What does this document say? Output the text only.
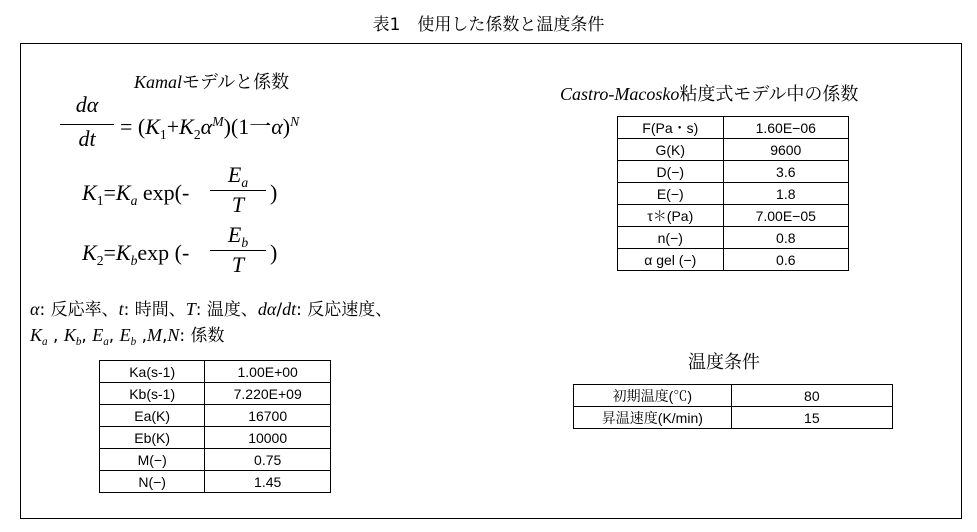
表1　使用した係数と温度条件
Kamalモデルと係数
dα
dt	= $(K_1+K_2\alpha^M)(1$一α)$^N$
$K_1=K_a$ exp(-
$E_a$
T	)
$K_2=K_b\exp$ (-
$E_b$
T	)
α: 反応率、t: 時間、T: 温度、dα/dt: 反応速度、
$K_a$ , $K_b$, $E_a$, $E_b$ ,M,N: 係数
Ka(s-1)	1.00E+00
Kb(s-1)	7.220E+09
Ea(K)	16700
Eb(K)	10000
M(−)	0.75
N(−)	1.45
Castro-Macosko粘度式モデル中の係数
F(Pa・s)	1.60E−06
G(K)	9600
D(−)	3.6
E(−)	1.8
τ＊(Pa)	7.00E−05
n(−)	0.8
α gel (−)	0.6
温度条件
初期温度(℃)	80
昇温速度(K/min)	15
